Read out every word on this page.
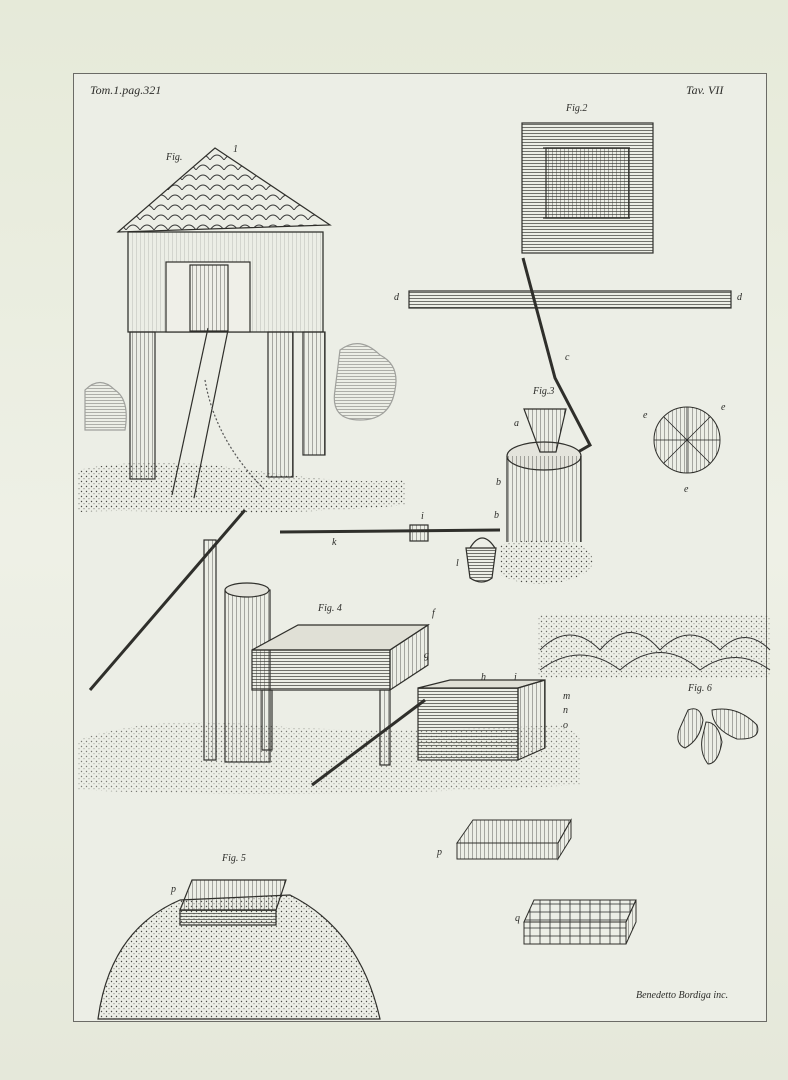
Tom.1.pag.321	Tav. VII
Fig.
1
Fig.2
Fig.3
Fig. 4
Fig. 5
Fig. 6
d	d
c
a
b
b
e
e
e
k
i
l
f
g
h	i
m
n
o
p
q
p
Benedetto Bordiga inc.
